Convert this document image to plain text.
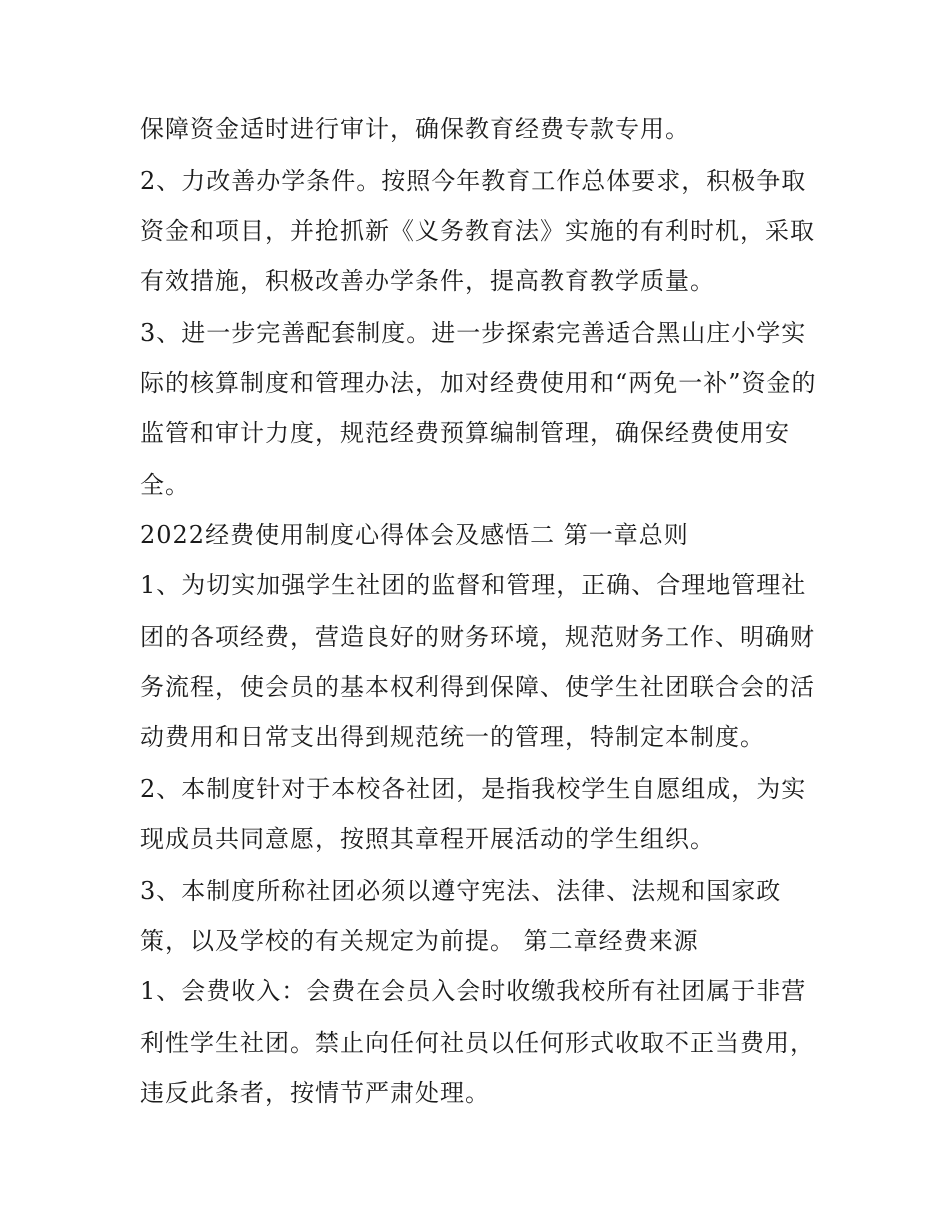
保障资金适时进行审计，确保教育经费专款专用。
2、力改善办学条件。按照今年教育工作总体要求，积极争取
资金和项目，并抢抓新《义务教育法》实施的有利时机，采取
有效措施，积极改善办学条件，提高教育教学质量。
3、进一步完善配套制度。进一步探索完善适合黑山庄小学实
际的核算制度和管理办法，加对经费使用和“两免一补”资金的
监管和审计力度，规范经费预算编制管理，确保经费使用安
全。
2022经费使用制度心得体会及感悟二 第一章总则
1、为切实加强学生社团的监督和管理，正确、合理地管理社
团的各项经费，营造良好的财务环境，规范财务工作、明确财
务流程，使会员的基本权利得到保障、使学生社团联合会的活
动费用和日常支出得到规范统一的管理，特制定本制度。
2、本制度针对于本校各社团，是指我校学生自愿组成，为实
现成员共同意愿，按照其章程开展活动的学生组织。
3、本制度所称社团必须以遵守宪法、法律、法规和国家政
策，以及学校的有关规定为前提。 第二章经费来源
1、会费收入：会费在会员入会时收缴我校所有社团属于非营
利性学生社团。禁止向任何社员以任何形式收取不正当费用，
违反此条者，按情节严肃处理。
